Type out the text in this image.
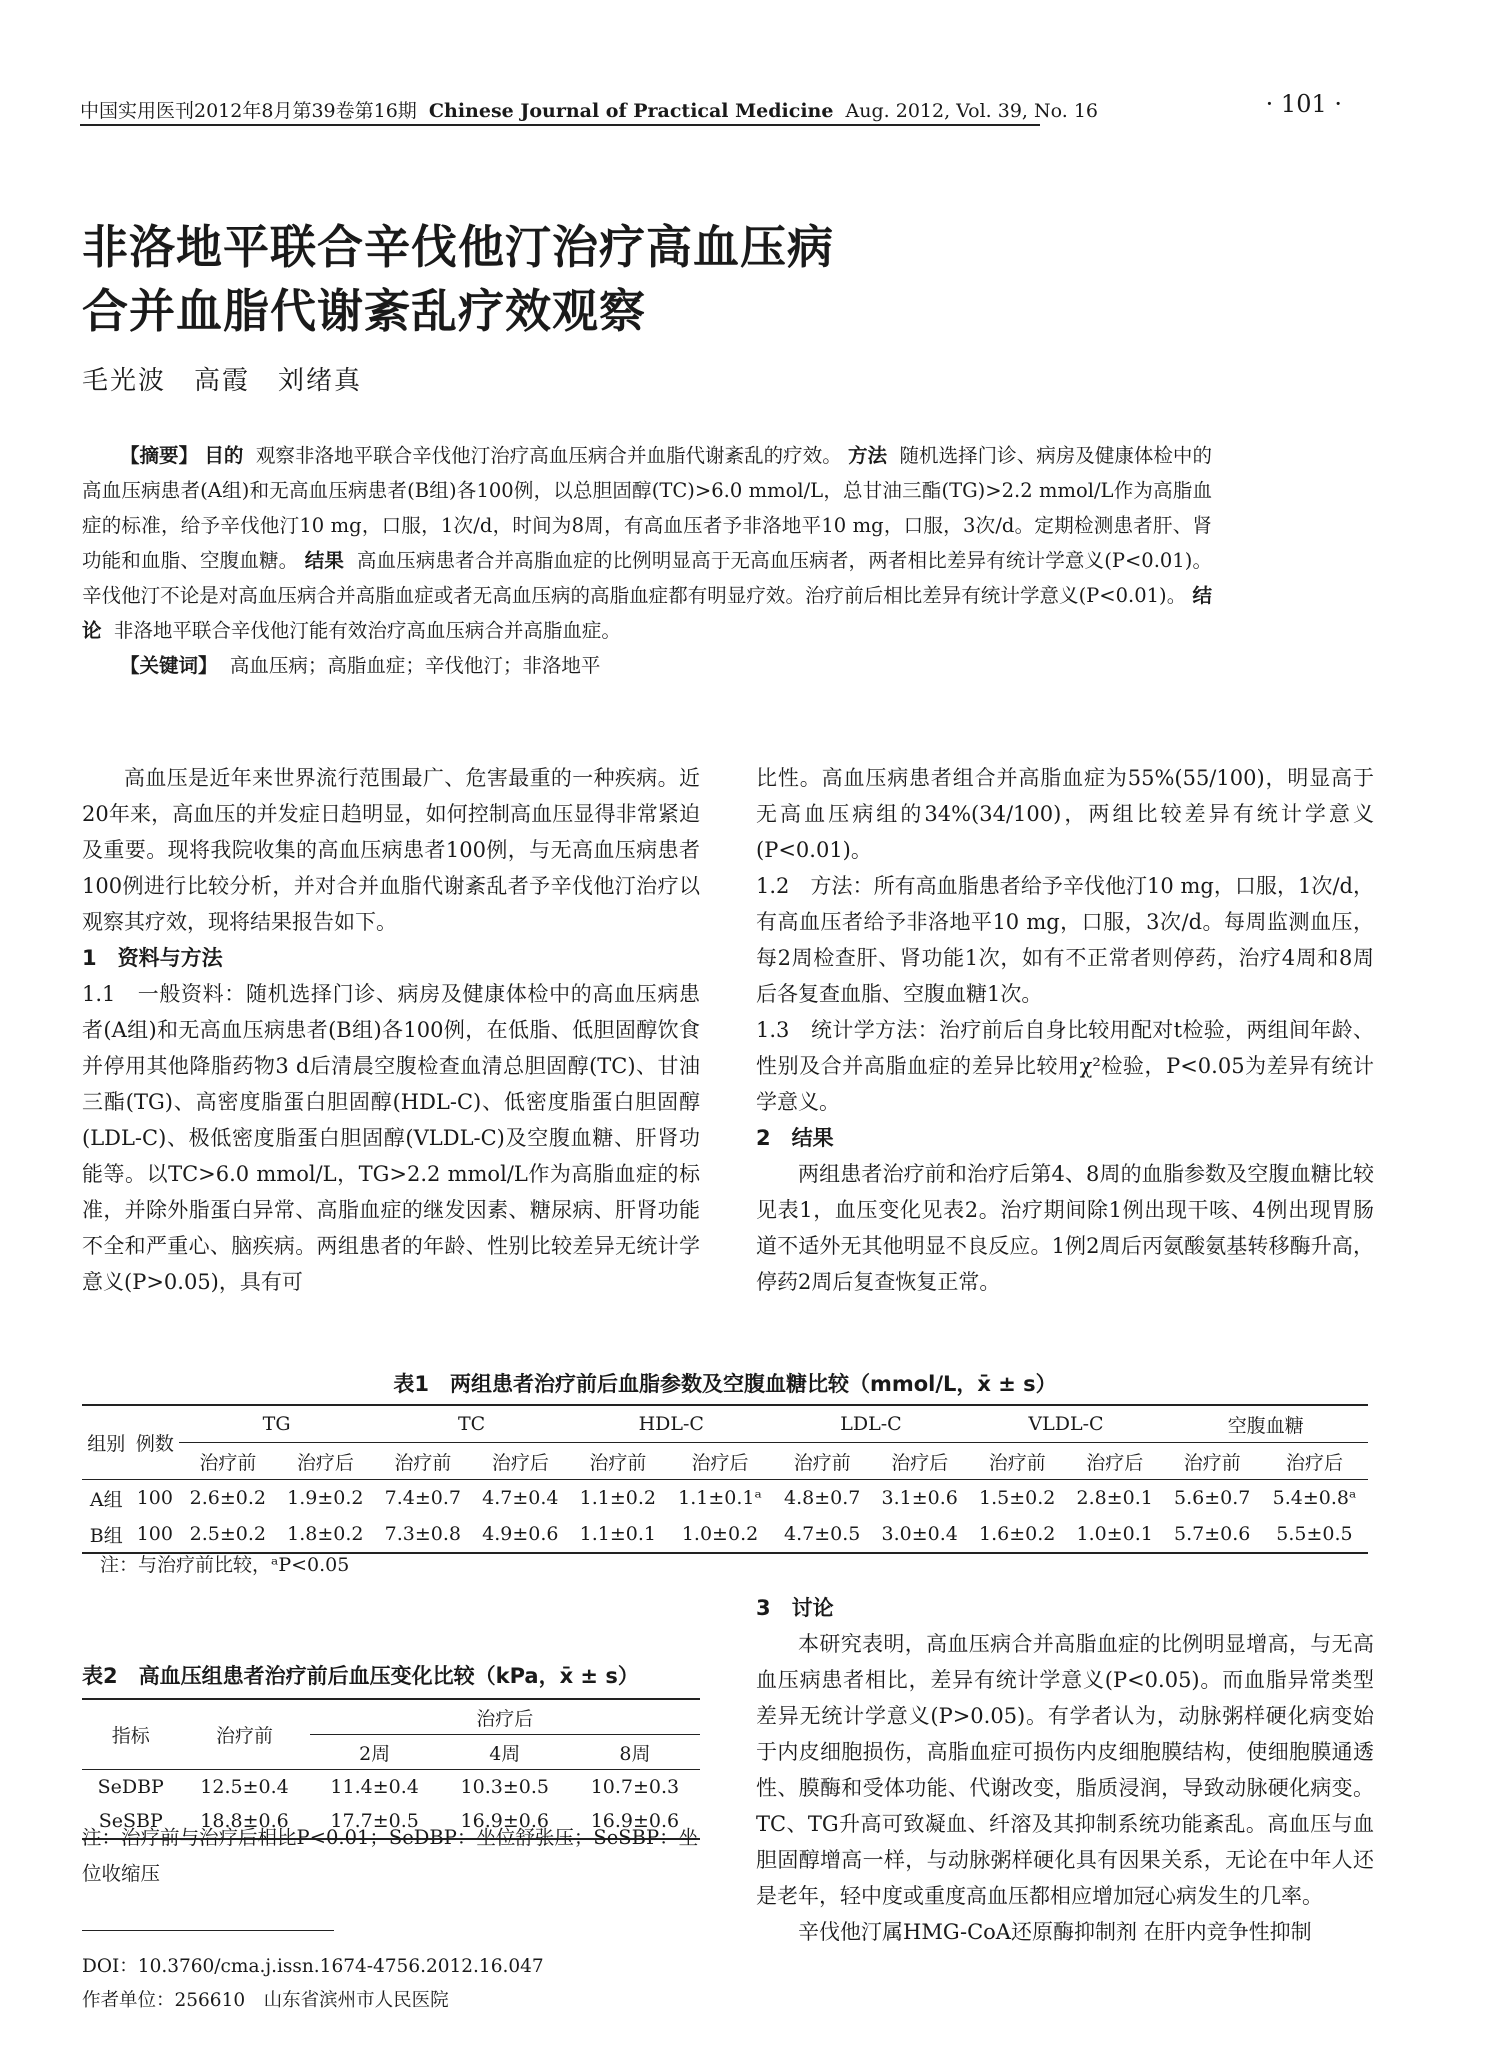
中国实用医刊2012年8月第39卷第16期 Chinese Journal of Practical Medicine Aug. 2012, Vol. 39, No. 16	· 101 ·
非洛地平联合辛伐他汀治疗高血压病
合并血脂代谢紊乱疗效观察
毛光波　高霞　刘绪真

【摘要】 目的 观察非洛地平联合辛伐他汀治疗高血压病合并血脂代谢紊乱的疗效。 方法 随机选择门诊、病房及健康体检中的高血压病患者(A组)和无高血压病患者(B组)各100例，以总胆固醇(TC)>6.0 mmol/L，总甘油三酯(TG)>2.2 mmol/L作为高脂血症的标准，给予辛伐他汀10 mg，口服，1次/d，时间为8周，有高血压者予非洛地平10 mg，口服，3次/d。定期检测患者肝、肾功能和血脂、空腹血糖。 结果 高血压病患者合并高脂血症的比例明显高于无高血压病者，两者相比差异有统计学意义(P<0.01)。辛伐他汀不论是对高血压病合并高脂血症或者无高血压病的高脂血症都有明显疗效。治疗前后相比差异有统计学意义(P<0.01)。 结论 非洛地平联合辛伐他汀能有效治疗高血压病合并高脂血症。

【关键词】 高血压病；高脂血症；辛伐他汀；非洛地平

高血压是近年来世界流行范围最广、危害最重的一种疾病。近20年来，高血压的并发症日趋明显，如何控制高血压显得非常紧迫及重要。现将我院收集的高血压病患者100例，与无高血压病患者100例进行比较分析，并对合并血脂代谢紊乱者予辛伐他汀治疗以观察其疗效，现将结果报告如下。

1　资料与方法

1.1　一般资料：随机选择门诊、病房及健康体检中的高血压病患者(A组)和无高血压病患者(B组)各100例，在低脂、低胆固醇饮食并停用其他降脂药物3 d后清晨空腹检查血清总胆固醇(TC)、甘油三酯(TG)、高密度脂蛋白胆固醇(HDL-C)、低密度脂蛋白胆固醇(LDL-C)、极低密度脂蛋白胆固醇(VLDL-C)及空腹血糖、肝肾功能等。以TC>6.0 mmol/L，TG>2.2 mmol/L作为高脂血症的标准，并除外脂蛋白异常、高脂血症的继发因素、糖尿病、肝肾功能不全和严重心、脑疾病。两组患者的年龄、性别比较差异无统计学意义(P>0.05)，具有可

比性。高血压病患者组合并高脂血症为55%(55/100)，明显高于无高血压病组的34%(34/100)，两组比较差异有统计学意义(P<0.01)。

1.2　方法：所有高血脂患者给予辛伐他汀10 mg，口服，1次/d，有高血压者给予非洛地平10 mg，口服，3次/d。每周监测血压，每2周检查肝、肾功能1次，如有不正常者则停药，治疗4周和8周后各复查血脂、空腹血糖1次。

1.3　统计学方法：治疗前后自身比较用配对t检验，两组间年龄、性别及合并高脂血症的差异比较用χ²检验，P<0.05为差异有统计学意义。

2　结果

两组患者治疗前和治疗后第4、8周的血脂参数及空腹血糖比较见表1，血压变化见表2。治疗期间除1例出现干咳、4例出现胃肠道不适外无其他明显不良反应。1例2周后丙氨酸氨基转移酶升高，停药2周后复查恢复正常。

表1　两组患者治疗前后血脂参数及空腹血糖比较（mmol/L，x̄ ± s）
组别	例数	TG		TC		HDL-C		LDL-C		VLDL-C		空腹血糖	
		治疗前	治疗后	治疗前	治疗后	治疗前	治疗后	治疗前	治疗后	治疗前	治疗后	治疗前	治疗后
A组	100	2.6±0.2	1.9±0.2	7.4±0.7	4.7±0.4	1.1±0.2	1.1±0.1ᵃ	4.8±0.7	3.1±0.6	1.5±0.2	2.8±0.1	5.6±0.7	5.4±0.8ᵃ
B组	100	2.5±0.2	1.8±0.2	7.3±0.8	4.9±0.6	1.1±0.1	1.0±0.2	4.7±0.5	3.0±0.4	1.6±0.2	1.0±0.1	5.7±0.6	5.5±0.5
注：与治疗前比较，ᵃP<0.05
表2　高血压组患者治疗前后血压变化比较（kPa，x̄ ± s）
指标	治疗前	治疗后		
		2周	4周	8周
SeDBP	12.5±0.4	11.4±0.4	10.3±0.5	10.7±0.3
SeSBP	18.8±0.6	17.7±0.5	16.9±0.6	16.9±0.6
注：治疗前与治疗后相比P<0.01；SeDBP：坐位舒张压；SeSBP：坐位收缩压

3　讨论

本研究表明，高血压病合并高脂血症的比例明显增高，与无高血压病患者相比，差异有统计学意义(P<0.05)。而血脂异常类型差异无统计学意义(P>0.05)。有学者认为，动脉粥样硬化病变始于内皮细胞损伤，高脂血症可损伤内皮细胞膜结构，使细胞膜通透性、膜酶和受体功能、代谢改变，脂质浸润，导致动脉硬化病变。TC、TG升高可致凝血、纤溶及其抑制系统功能紊乱。高血压与血胆固醇增高一样，与动脉粥样硬化具有因果关系，无论在中年人还是老年，轻中度或重度高血压都相应增加冠心病发生的几率。

辛伐他汀属HMG-CoA还原酶抑制剂 在肝内竞争性抑制

DOI：10.3760/cma.j.issn.1674-4756.2012.16.047
作者单位：256610　山东省滨州市人民医院
